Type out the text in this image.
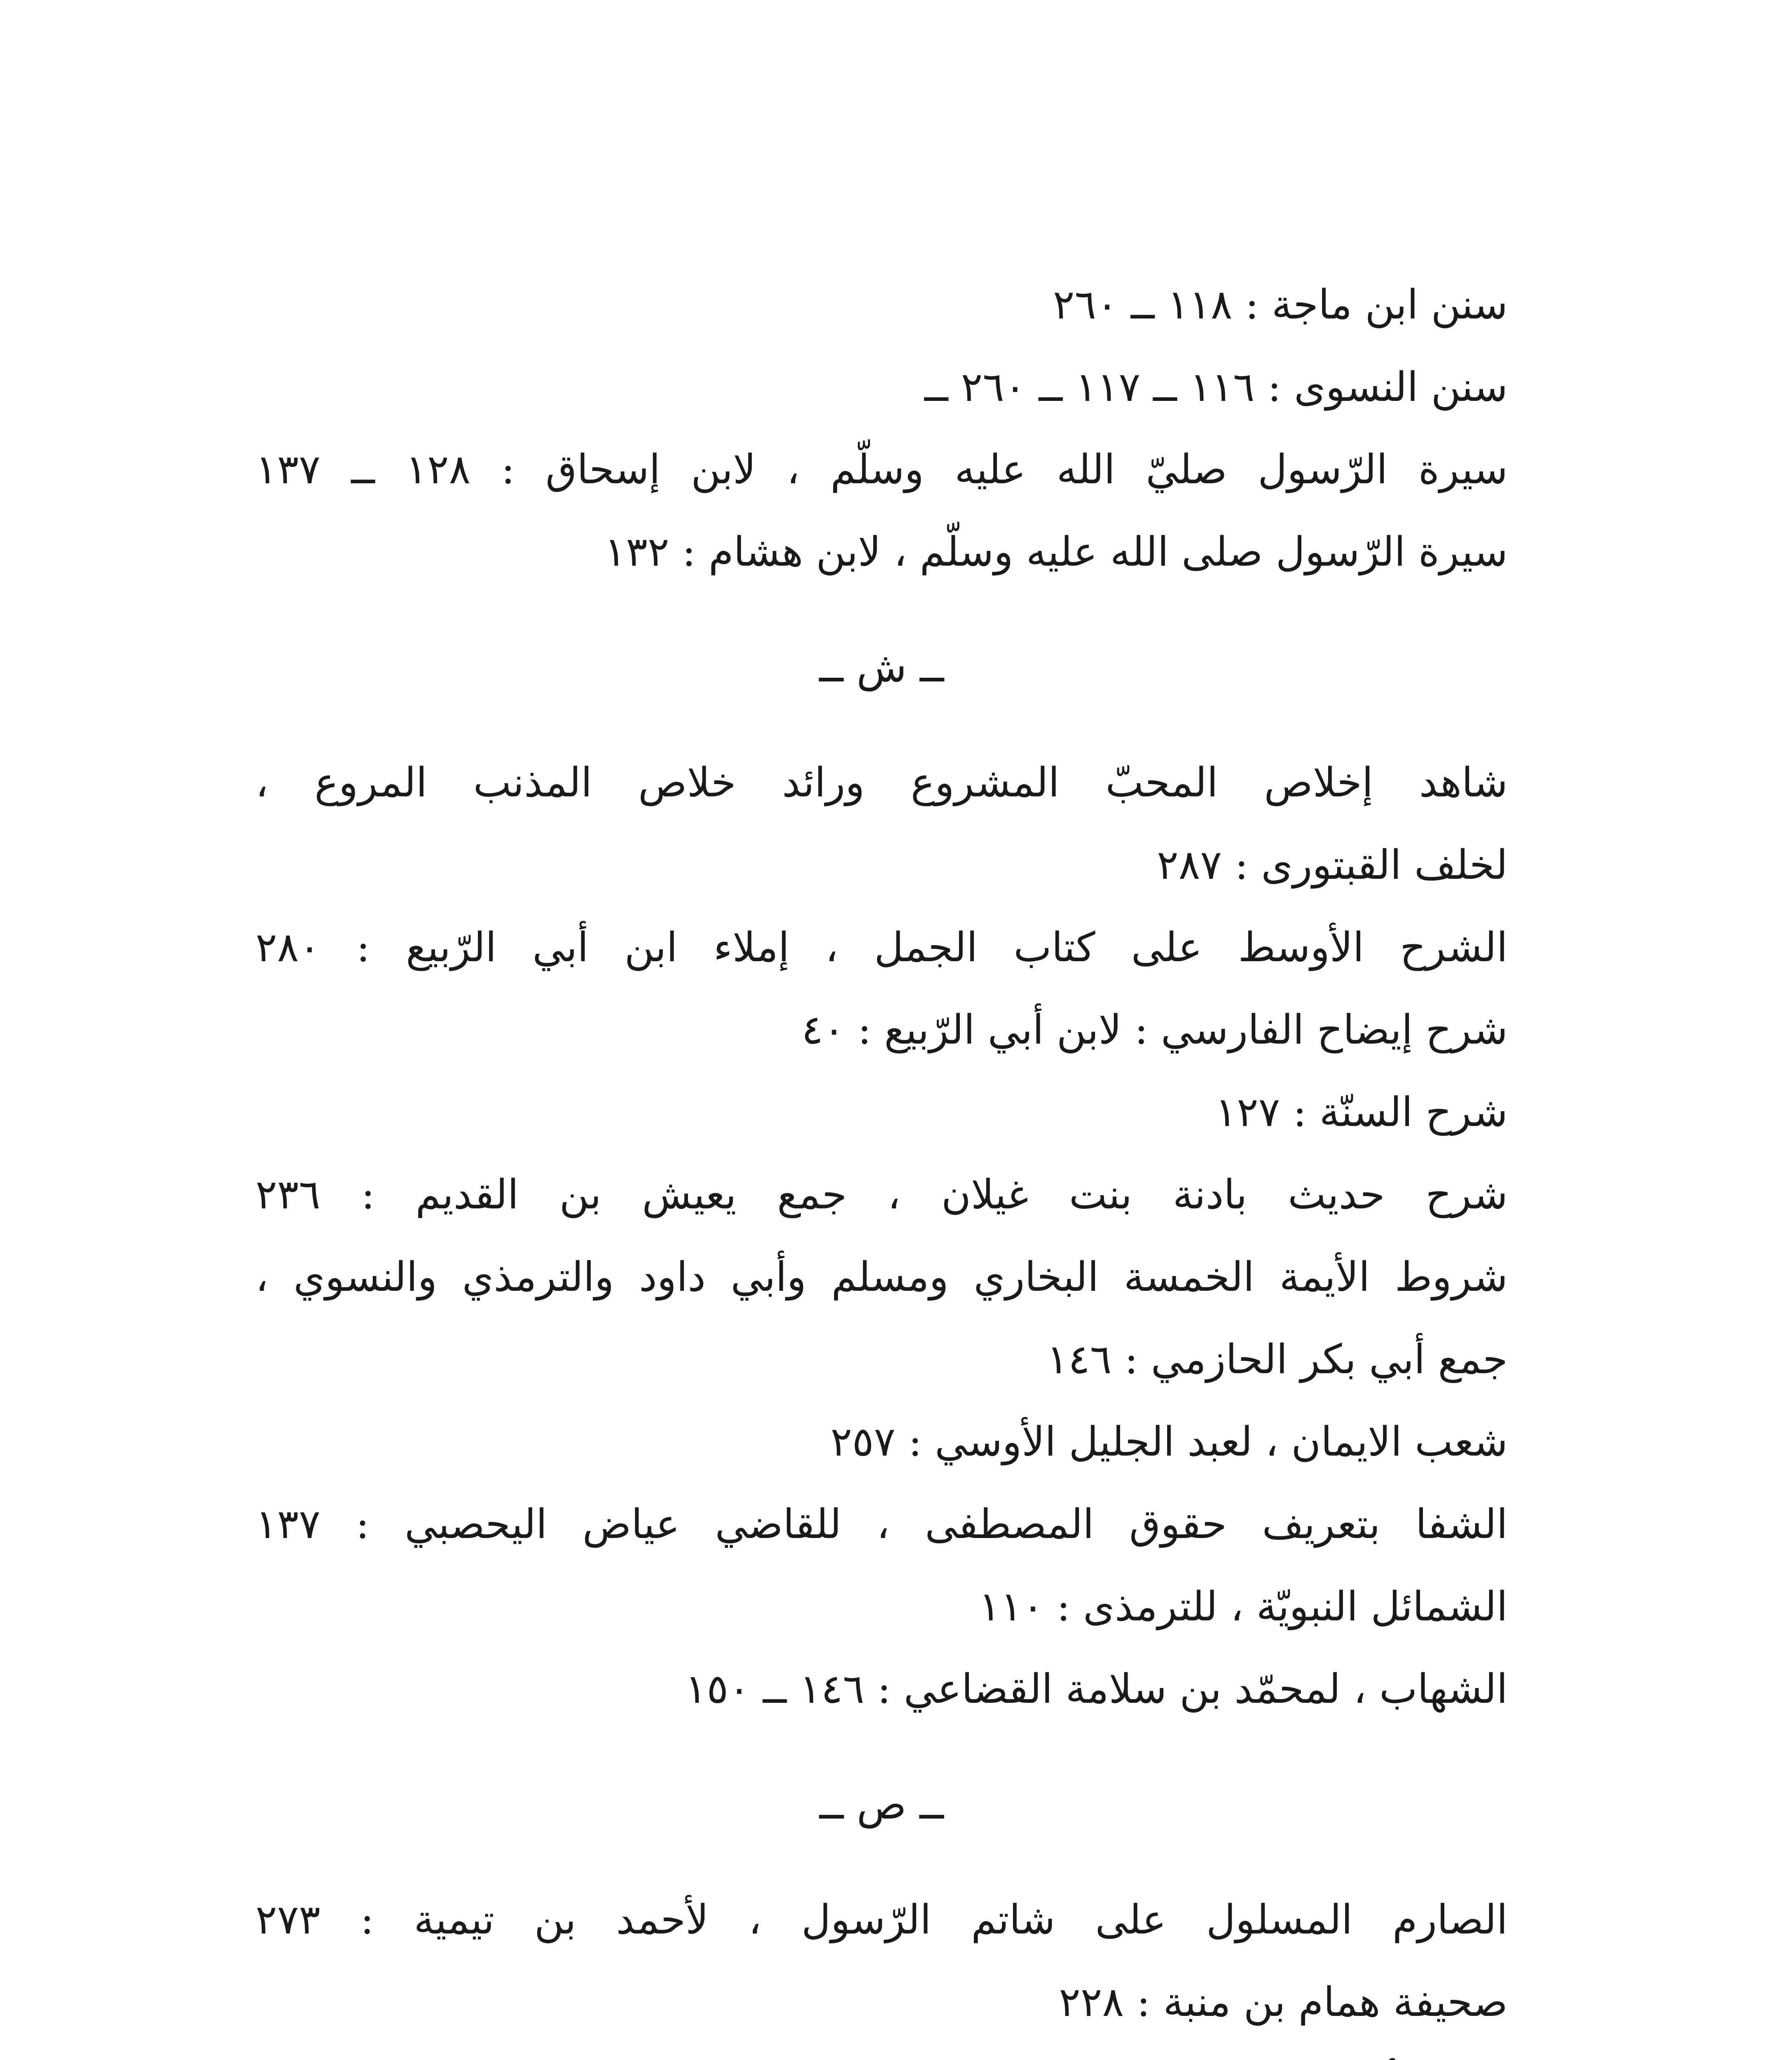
سنن ابن ماجة : ١١٨ ــ ٢٦٠
سنن النسوى : ١١٦ ــ ١١٧ ــ ٢٦٠ ــ
سيرة الرّسول صليّ الله عليه وسلّم ، لابن إسحاق : ١٢٨ ــ ١٣٧
سيرة الرّسول صلى الله عليه وسلّم ، لابن هشام : ١٣٢
ــ ش ــ
شاهد إخلاص المحبّ المشروع ورائد خلاص المذنب المروع ،
لخلف القبتورى : ٢٨٧
الشرح الأوسط على كتاب الجمل ، إملاء ابن أبي الرّبيع : ٢٨٠
شرح إيضاح الفارسي : لابن أبي الرّبيع : ٤٠
شرح السنّة : ١٢٧
شرح حديث بادنة بنت غيلان ، جمع يعيش بن القديم : ٢٣٦
شروط الأيمة الخمسة البخاري ومسلم وأبي داود والترمذي والنسوي ،
جمع أبي بكر الحازمي : ١٤٦
شعب الايمان ، لعبد الجليل الأوسي : ٢٥٧
الشفا بتعريف حقوق المصطفى ، للقاضي عياض اليحصبي : ١٣٧
الشمائل النبويّة ، للترمذى : ١١٠
الشهاب ، لمحمّد بن سلامة القضاعي : ١٤٦ ــ ١٥٠
ــ ص ــ
الصارم المسلول على شاتم الرّسول ، لأحمد بن تيمية : ٢٧٣
صحيفة همام بن منبة : ٢٢٨
